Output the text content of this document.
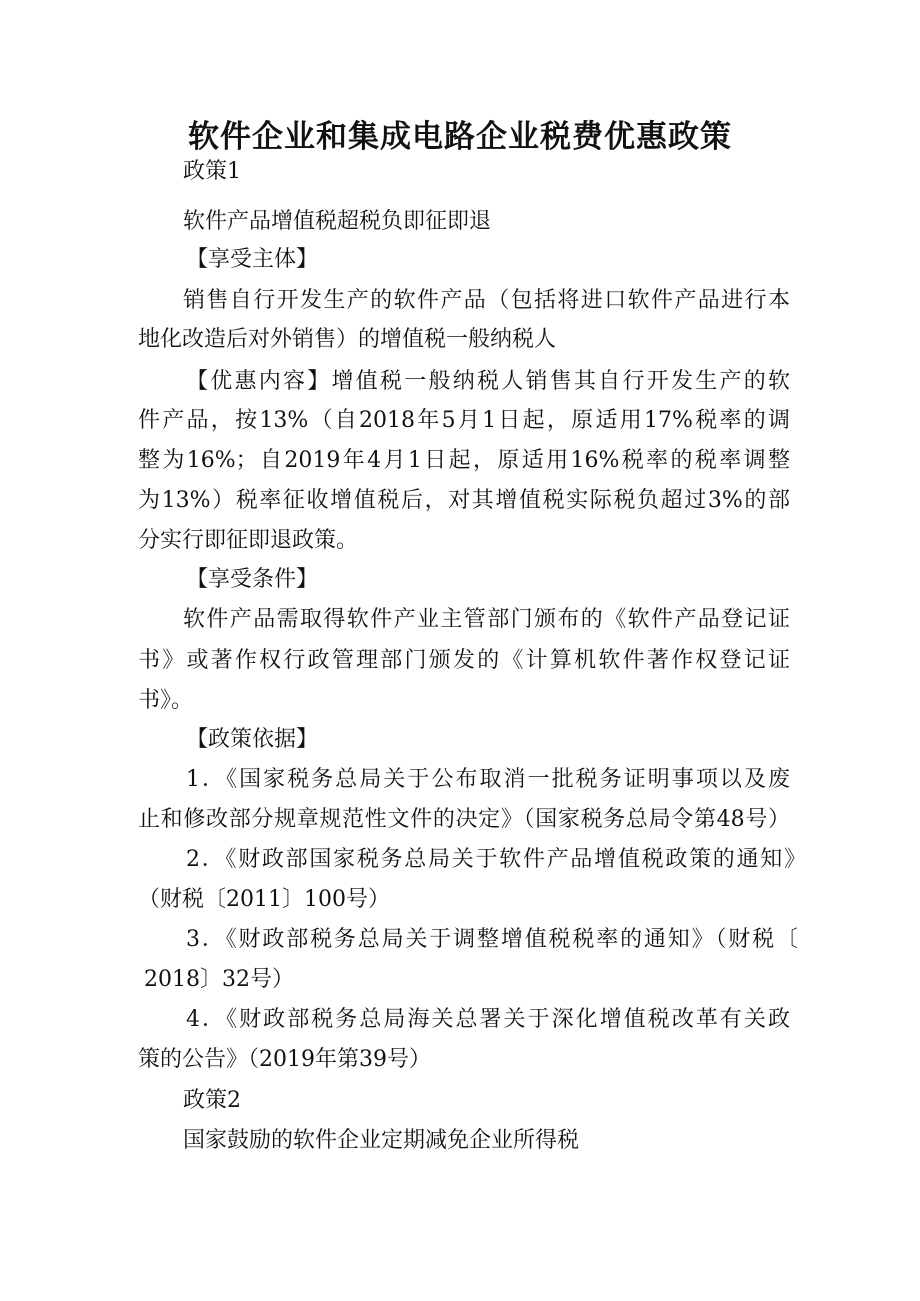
软件企业和集成电路企业税费优惠政策
政策1
软件产品增值税超税负即征即退
【享受主体】
销售自行开发生产的软件产品（包括将进口软件产品进行本
地化改造后对外销售）的增值税一般纳税人
【优惠内容】增值税一般纳税人销售其自行开发生产的软
件产品，按13%（自2018年5月1日起，原适用17%税率的调
整为16%；自2019年4月1日起，原适用16%税率的税率调整
为13%）税率征收增值税后，对其增值税实际税负超过3%的部
分实行即征即退政策。
【享受条件】
软件产品需取得软件产业主管部门颁布的《软件产品登记证
书》或著作权行政管理部门颁发的《计算机软件著作权登记证
书》。
【政策依据】
1．《国家税务总局关于公布取消一批税务证明事项以及废
止和修改部分规章规范性文件的决定》（国家税务总局令第48号）
2．《财政部国家税务总局关于软件产品增值税政策的通知》
（财税〔2011〕100号）
3．《财政部税务总局关于调整增值税税率的通知》（财税〔
2018〕32号）
4．《财政部税务总局海关总署关于深化增值税改革有关政
策的公告》（2019年第39号）
政策2
国家鼓励的软件企业定期减免企业所得税
